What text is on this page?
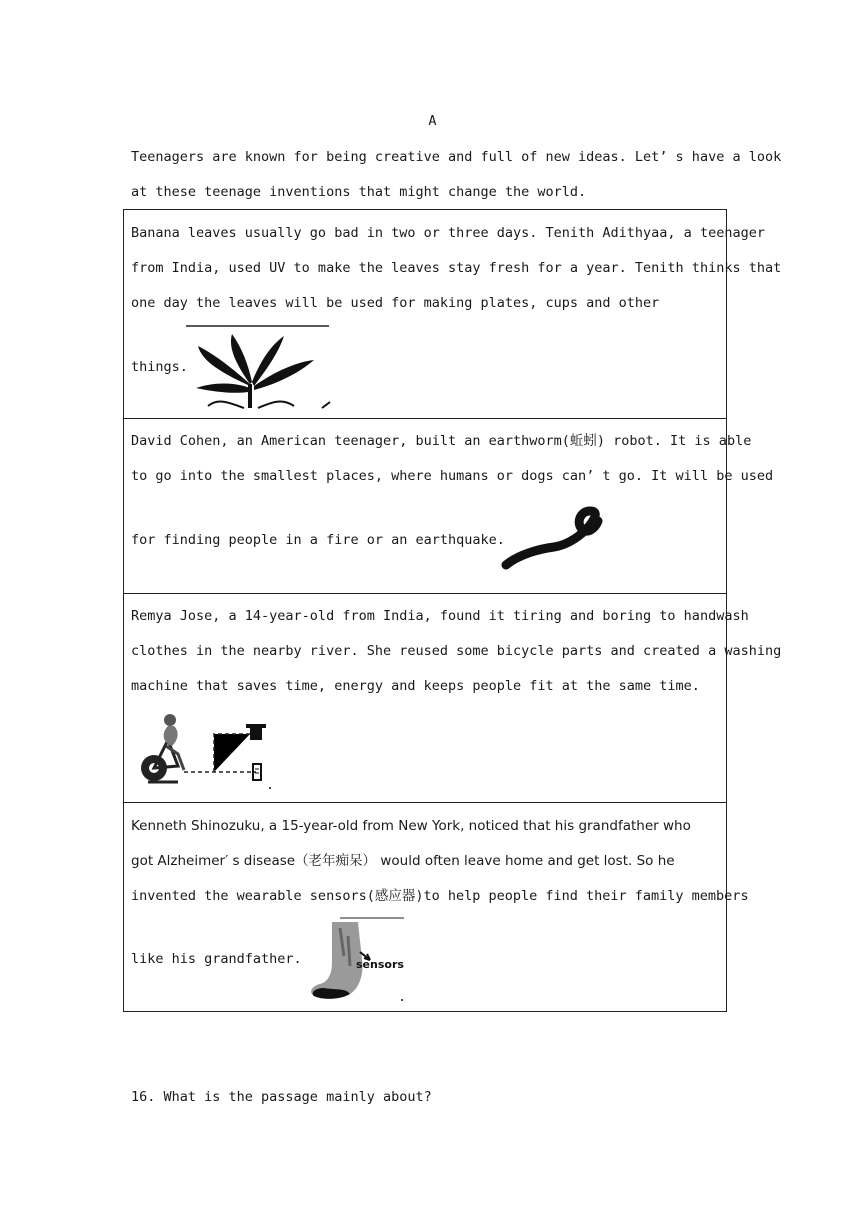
A
Teenagers are known for being creative and full of new ideas. Let’ s have a look
at these teenage inventions that might change the world.
Banana leaves usually go bad in two or three days. Tenith Adithyaa, a teenager
from India, used UV to make the leaves stay fresh for a year. Tenith thinks that
one day the leaves will be used for making plates, cups and other
things.
David Cohen, an American teenager, built an earthworm(蚯蚓) robot. It is able
to go into the smallest places, where humans or dogs can’ t go. It will be used
for finding people in a fire or an earthquake.
Remya Jose, a 14-year-old from India, found it tiring and boring to handwash
clothes in the nearby river. She reused some bicycle parts and created a washing
machine that saves time, energy and keeps people fit at the same time.
Kenneth Shinozuku, a 15-year-old from New York, noticed that his grandfather who
got Alzheimer′ s disease（老年痴呆） would often leave home and get lost. So he
invented the wearable sensors(感应器)to help people find their family members
like his grandfather.	sensors
16. What is the passage mainly about?
